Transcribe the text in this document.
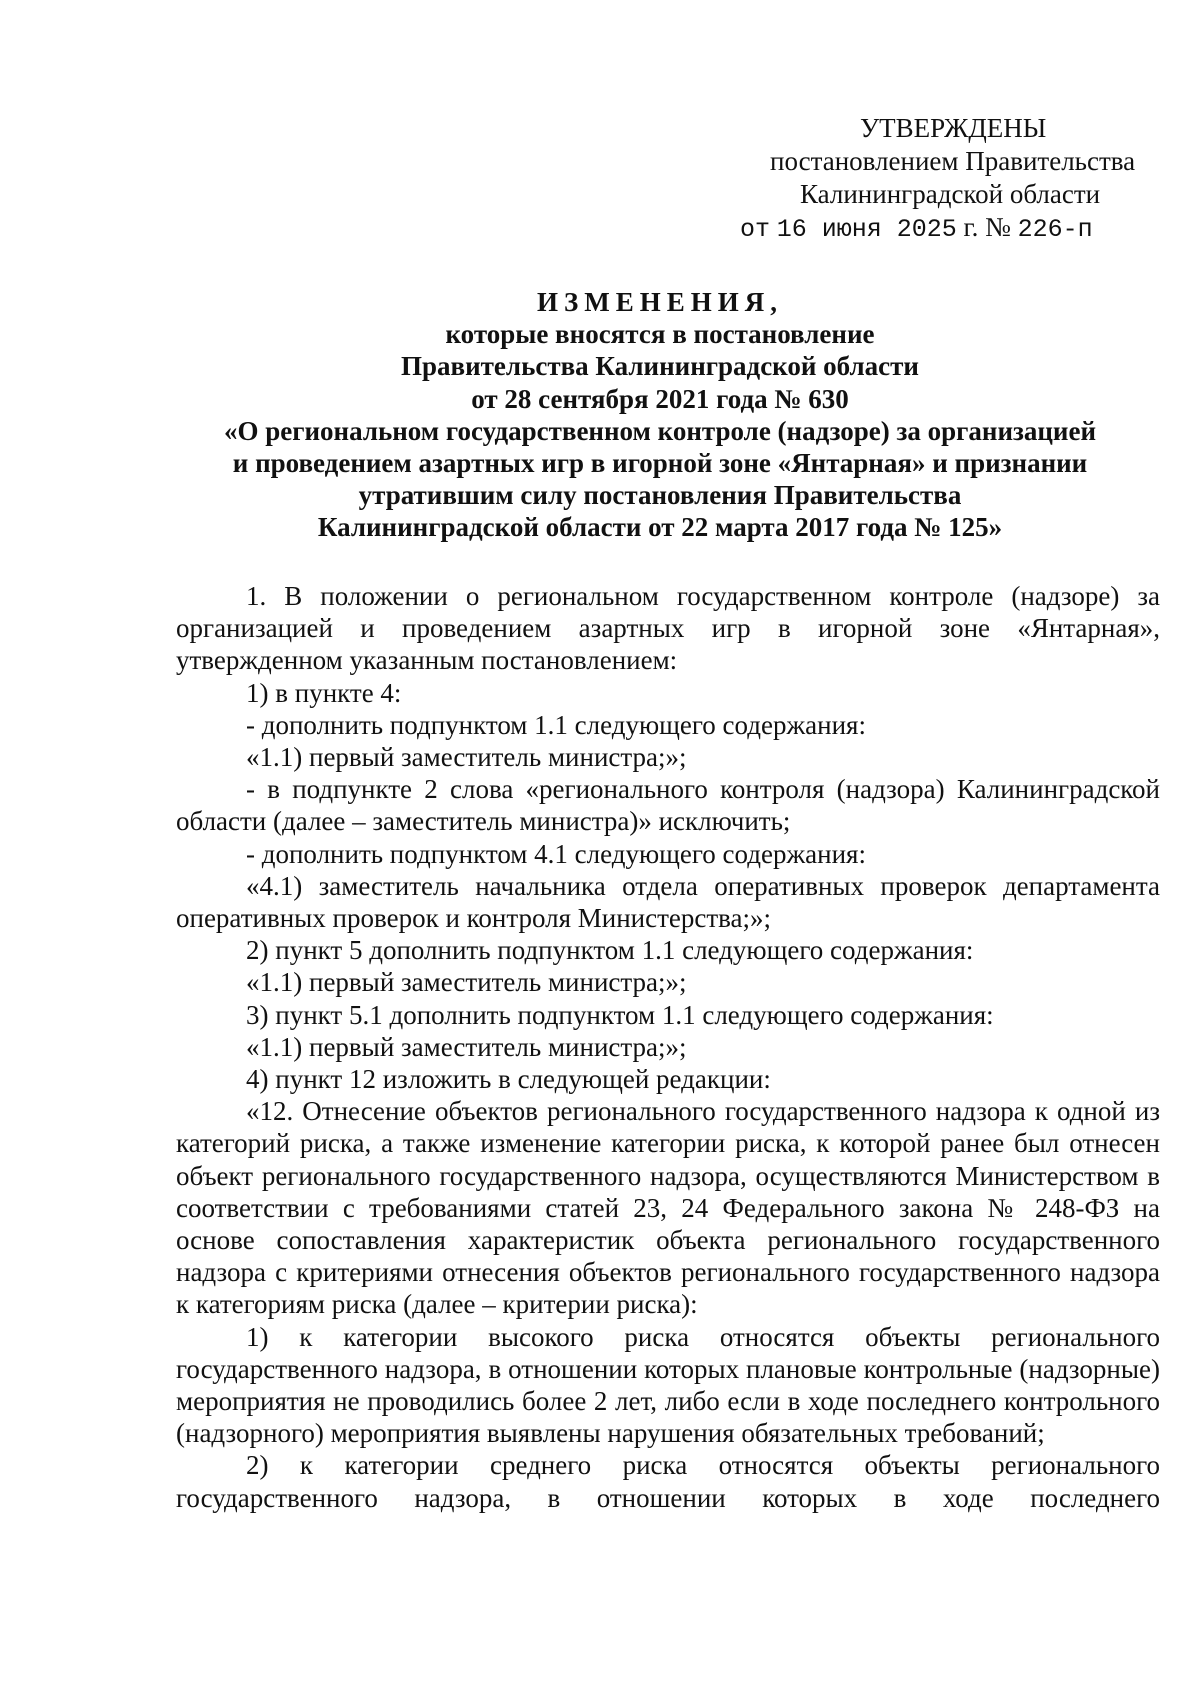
УТВЕРЖДЕНЫ
постановлением Правительства
Калининградской области
от 16 июня 2025 г. № 226-п
ИЗМЕНЕНИЯ,
которые вносятся в постановление
Правительства Калининградской области
от 28 сентября 2021 года № 630
«О региональном государственном контроле (надзоре) за организацией
и проведением азартных игр в игорной зоне «Янтарная» и признании
утратившим силу постановления Правительства
Калининградской области от 22 марта 2017 года № 125»
1. В положении о региональном государственном контроле (надзоре) за организацией и проведением азартных игр в игорной зоне «Янтарная», утвержденном указанным постановлением:
1) в пункте 4:
- дополнить подпунктом 1.1 следующего содержания:
«1.1) первый заместитель министра;»;
- в подпункте 2 слова «регионального контроля (надзора) Калининградской области (далее – заместитель министра)» исключить;
- дополнить подпунктом 4.1 следующего содержания:
«4.1) заместитель начальника отдела оперативных проверок департамента оперативных проверок и контроля Министерства;»;
2) пункт 5 дополнить подпунктом 1.1 следующего содержания:
«1.1) первый заместитель министра;»;
3) пункт 5.1 дополнить подпунктом 1.1 следующего содержания:
«1.1) первый заместитель министра;»;
4) пункт 12 изложить в следующей редакции:
«12. Отнесение объектов регионального государственного надзора к одной из категорий риска, а также изменение категории риска, к которой ранее был отнесен объект регионального государственного надзора, осуществляются Министерством в соответствии с требованиями статей 23, 24 Федерального закона № 248-ФЗ на основе сопоставления характеристик объекта регионального государственного надзора с критериями отнесения объектов регионального государственного надзора к категориям риска (далее – критерии риска):
1) к категории высокого риска относятся объекты регионального государственного надзора, в отношении которых плановые контрольные (надзорные) мероприятия не проводились более 2 лет, либо если в ходе последнего контрольного (надзорного) мероприятия выявлены нарушения обязательных требований;
2) к категории среднего риска относятся объекты регионального государственного надзора, в отношении которых в ходе последнего
